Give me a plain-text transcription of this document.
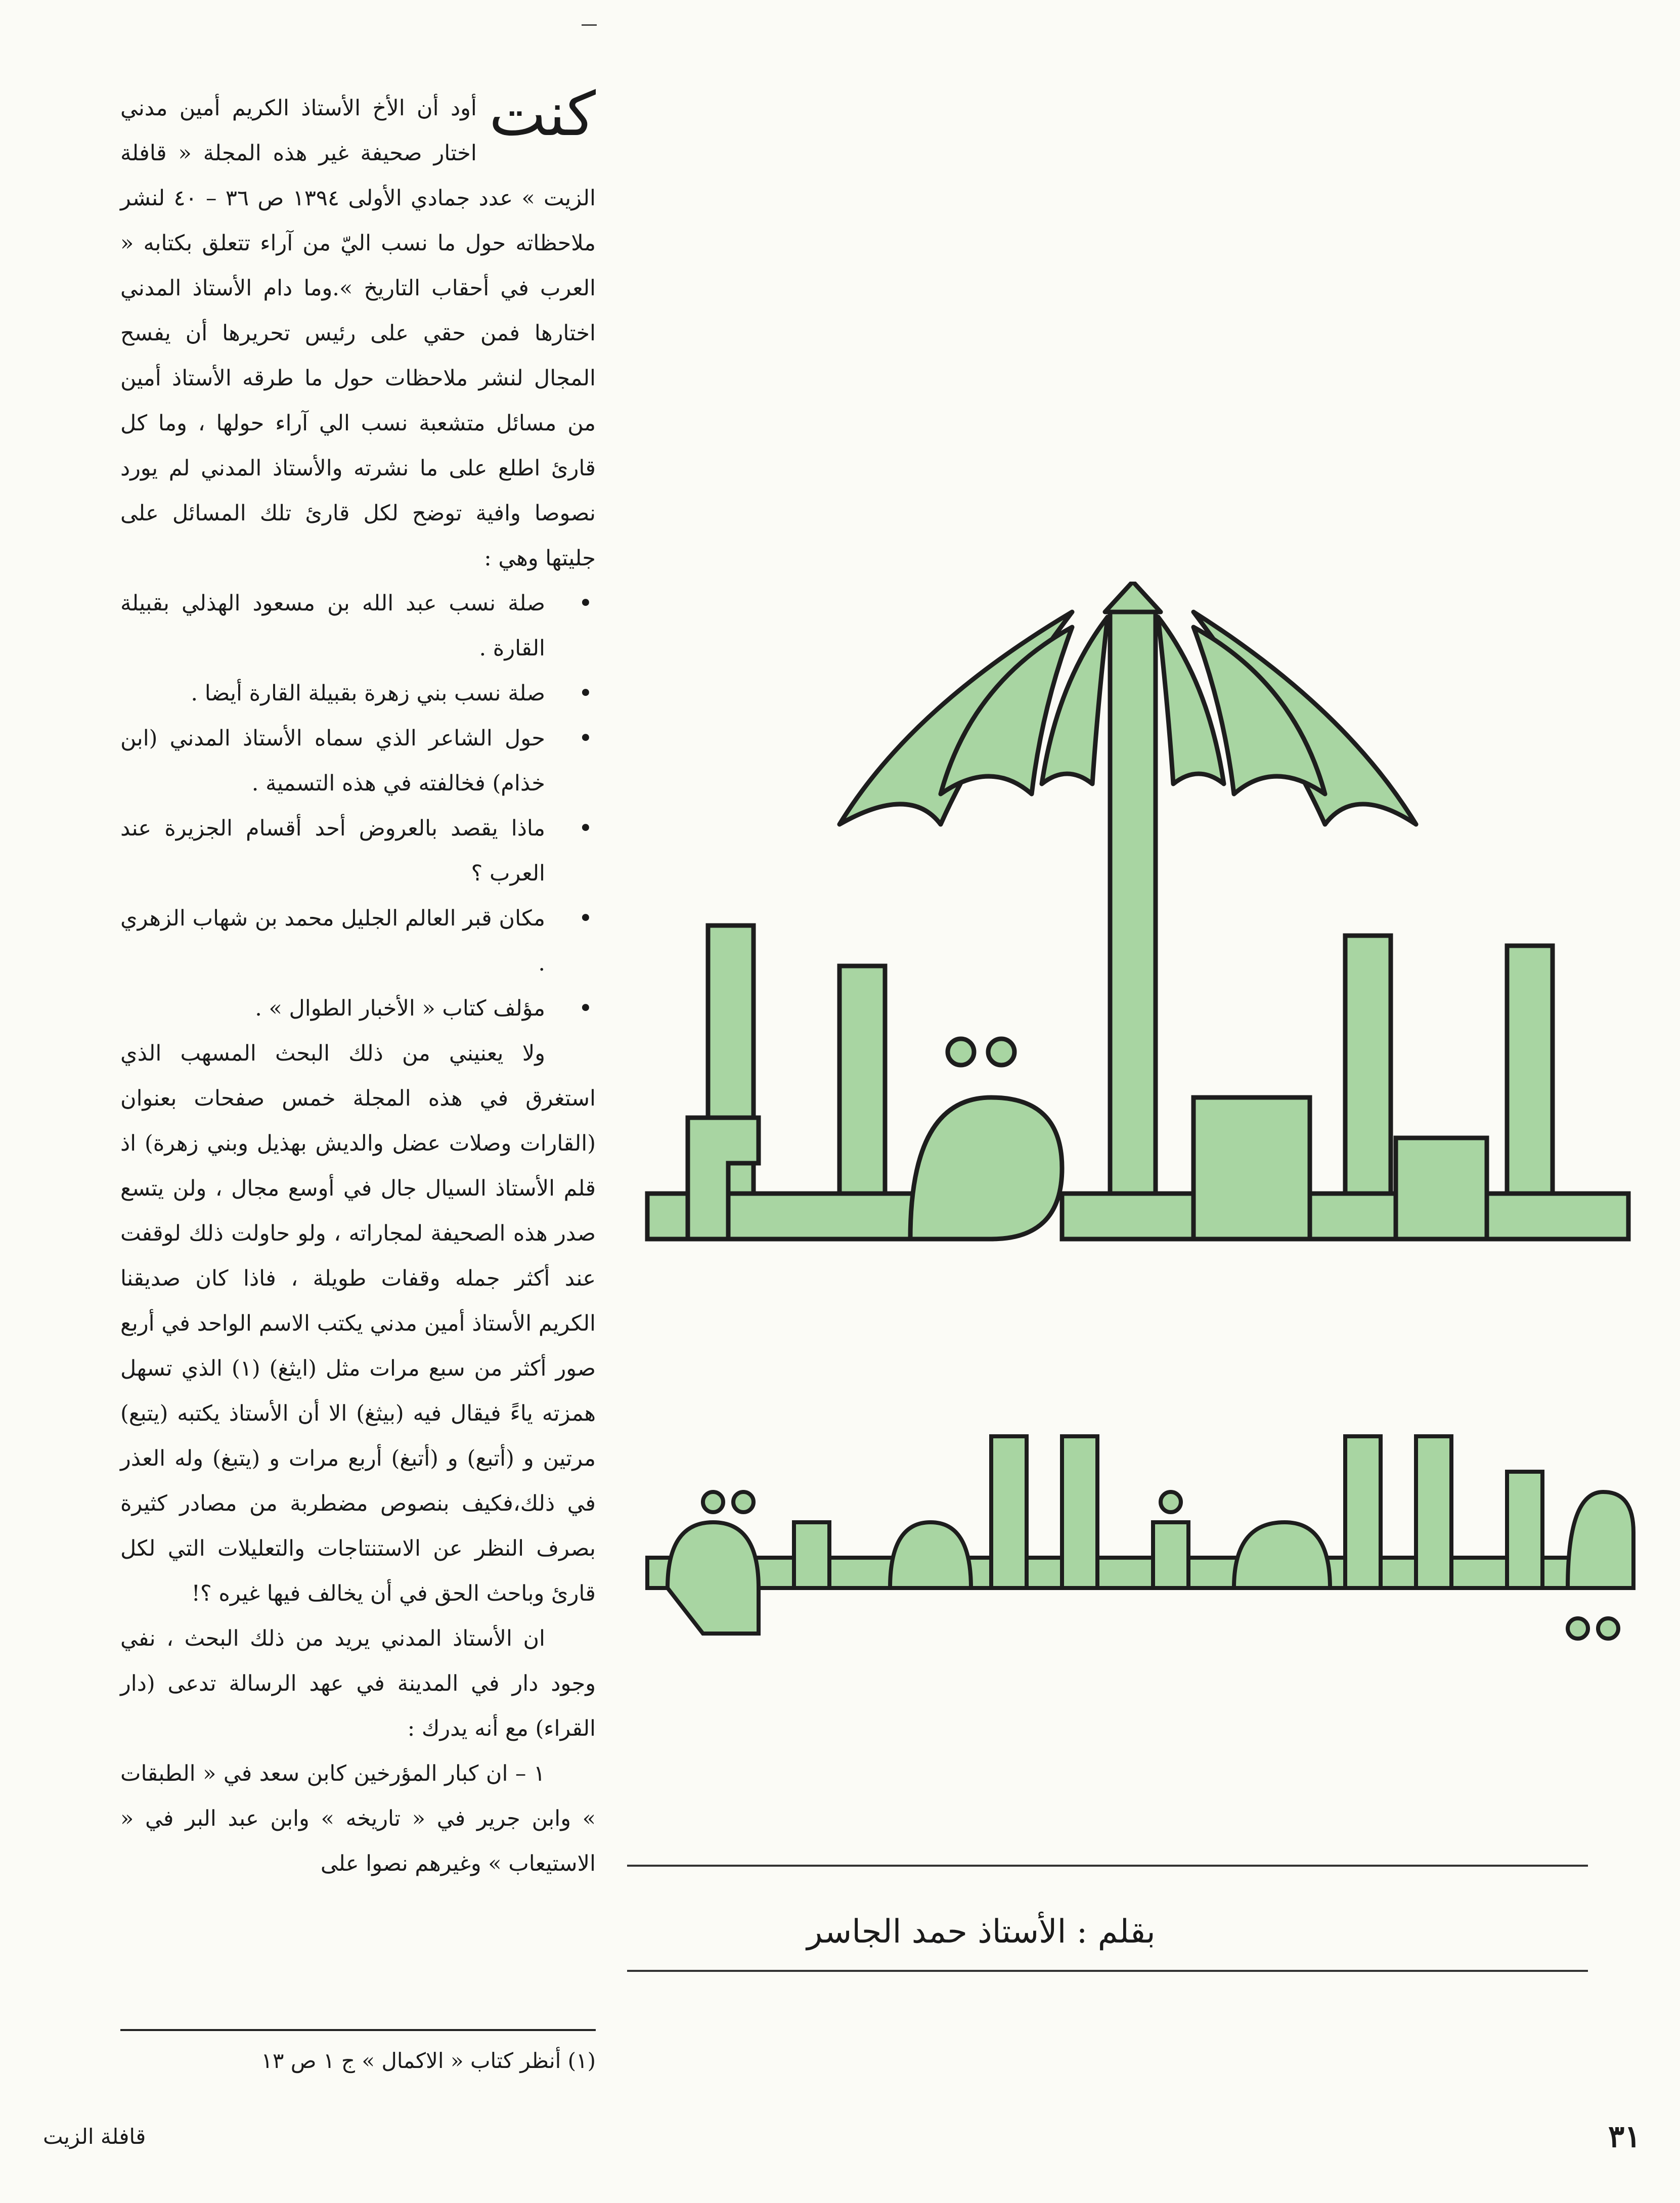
كنت

أود أن الأخ الأستاذ الكريم أمين مدني اختار صحيفة غير هذه المجلة « قافلة الزيت » عدد جمادي الأولى ١٣٩٤ ص ٣٦ – ٤٠ لنشر ملاحظاته حول ما نسب اليّ من آراء تتعلق بكتابه « العرب في أحقاب التاريخ ».وما دام الأستاذ المدني اختارها فمن حقي على رئيس تحريرها أن يفسح المجال لنشر ملاحظات حول ما طرقه الأستاذ أمين من مسائل متشعبة نسب الي آراء حولها ، وما كل قارئ اطلع على ما نشرته والأستاذ المدني لم يورد نصوصا وافية توضح لكل قارئ تلك المسائل على جليتها وهي :

• صلة نسب عبد الله بن مسعود الهذلي بقبيلة القارة .
• صلة نسب بني زهرة بقبيلة القارة أيضا .
• حول الشاعر الذي سماه الأستاذ المدني (ابن خذام) فخالفته في هذه التسمية .
• ماذا يقصد بالعروض أحد أقسام الجزيرة عند العرب ؟
• مكان قبر العالم الجليل محمد بن شهاب الزهري .
• مؤلف كتاب « الأخبار الطوال » .

ولا يعنيني من ذلك البحث المسهب الذي استغرق في هذه المجلة خمس صفحات بعنوان (القارات وصلات عضل والديش بهذيل وبني زهرة) اذ قلم الأستاذ السيال جال في أوسع مجال ، ولن يتسع صدر هذه الصحيفة لمجاراته ، ولو حاولت ذلك لوقفت عند أكثر جمله وقفات طويلة ، فاذا كان صديقنا الكريم الأستاذ أمين مدني يكتب الاسم الواحد في أربع صور أكثر من سبع مرات مثل (ايثغ) (١) الذي تسهل همزته ياءً فيقال فيه (بيثغ) الا أن الأستاذ يكتبه (يتبع) مرتين و (أتبع) و (أتبغ) أربع مرات و (يتبغ) وله العذر في ذلك،فكيف بنصوص مضطربة من مصادر كثيرة بصرف النظر عن الاستنتاجات والتعليلات التي لكل قارئ وباحث الحق في أن يخالف فيها غيره ؟!

ان الأستاذ المدني يريد من ذلك البحث ، نفي وجود دار في المدينة في عهد الرسالة تدعى (دار القراء) مع أنه يدرك :

١ – ان كبار المؤرخين كابن سعد في « الطبقات » وابن جرير في « تاريخه » وابن عبد البر في « الاستيعاب » وغيرهم نصوا على

(١) أنظر كتاب « الاكمال » ج ١ ص ١٣
دار القراء
في المدينة المنورة
بقلم : الأستاذ حمد الجاسر
٣١
قافلة الزيت
